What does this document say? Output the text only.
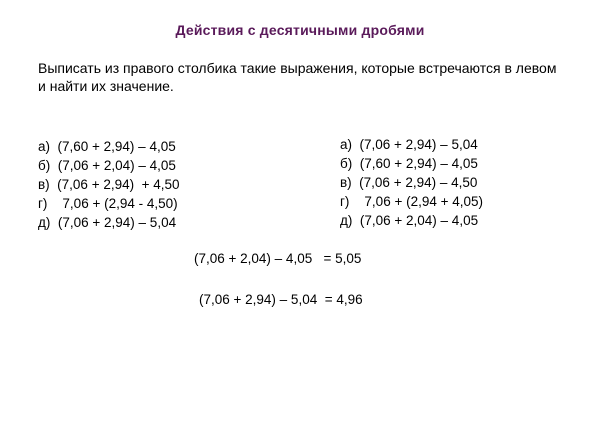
Действия с десятичными дробями
Выписать из правого столбика такие выражения, которые встречаются в левом и найти их значение.
а)  (7,60 + 2,94) – 4,05
б)  (7,06 + 2,04) – 4,05
в)  (7,06 + 2,94)  + 4,50
г)    7,06 + (2,94 - 4,50)
д)  (7,06 + 2,94) – 5,04
а)  (7,06 + 2,94) – 5,04
б)  (7,60 + 2,94) – 4,05
в)  (7,06 + 2,94) – 4,50
г)    7,06 + (2,94 + 4,05)
д)  (7,06 + 2,04) – 4,05
(7,06 + 2,04) – 4,05   = 5,05
(7,06 + 2,94) – 5,04  = 4,96
